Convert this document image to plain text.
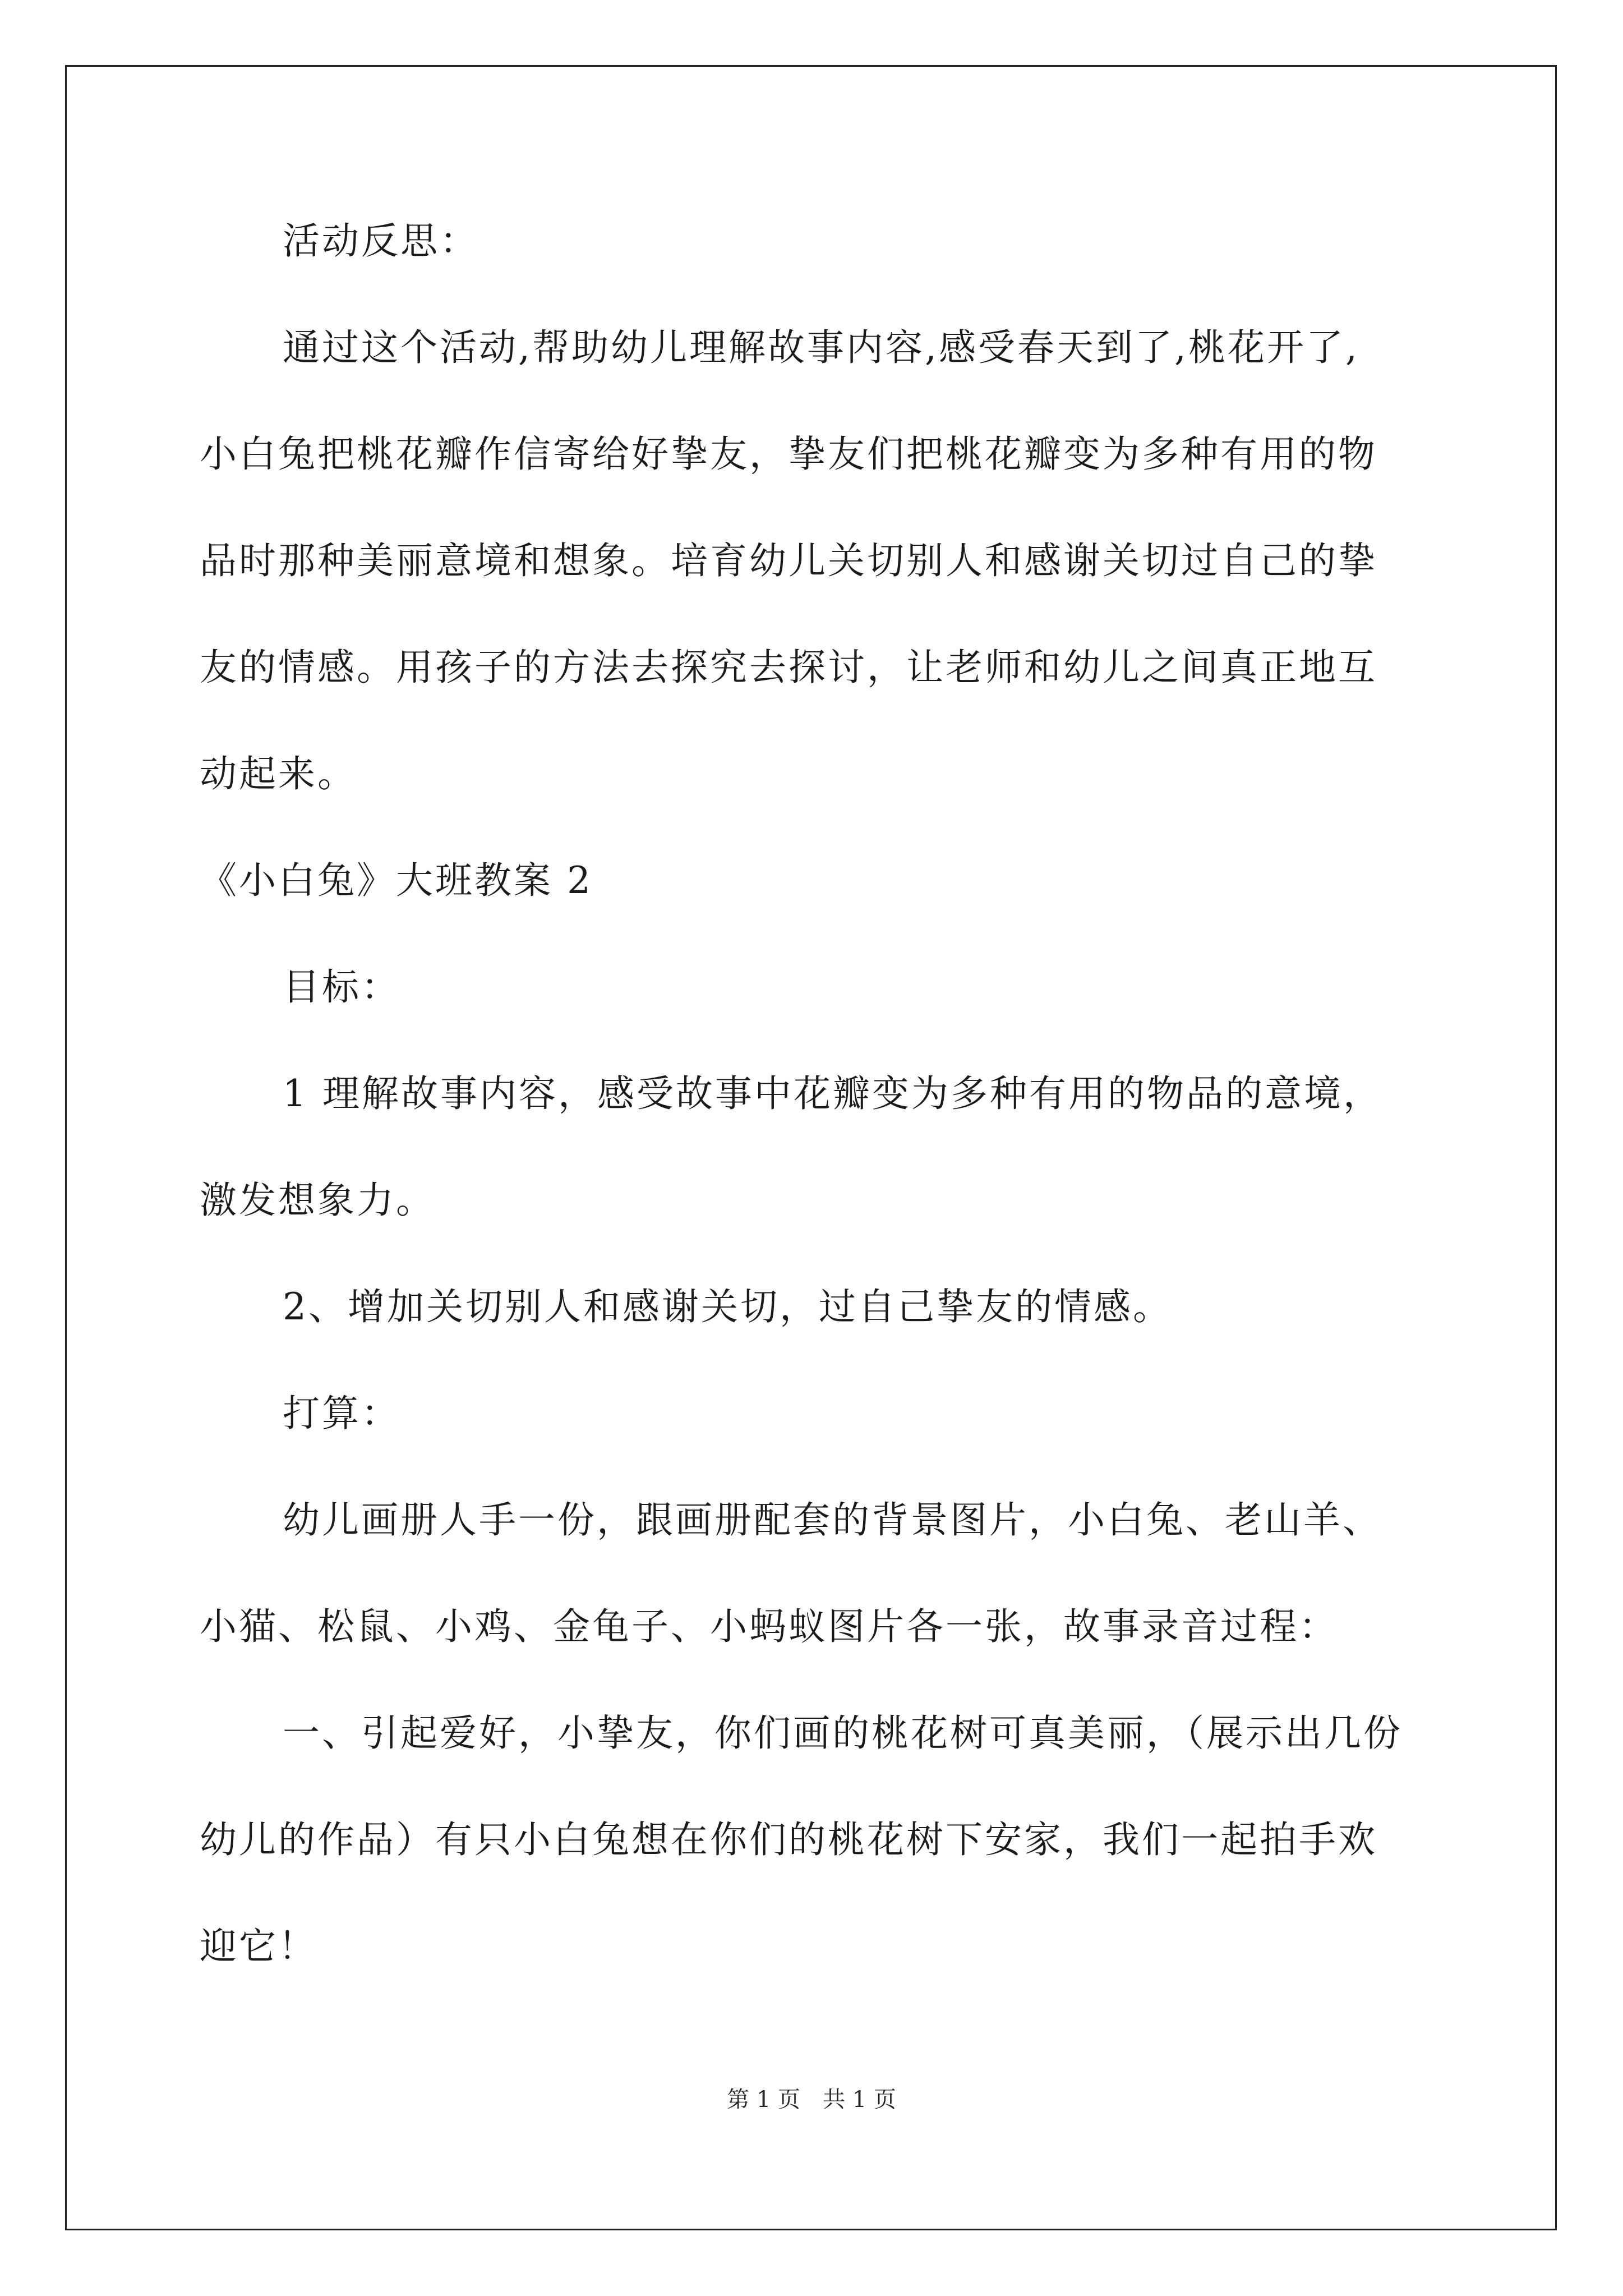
活动反思：
通过这个活动,帮助幼儿理解故事内容,感受春天到了,桃花开了,
小白兔把桃花瓣作信寄给好挚友，挚友们把桃花瓣变为多种有用的物
品时那种美丽意境和想象。培育幼儿关切别人和感谢关切过自己的挚
友的情感。用孩子的方法去探究去探讨，让老师和幼儿之间真正地互
动起来。
《小白兔》大班教案 2
目标：
1 理解故事内容，感受故事中花瓣变为多种有用的物品的意境，
激发想象力。
2、增加关切别人和感谢关切，过自己挚友的情感。
打算：
幼儿画册人手一份，跟画册配套的背景图片，小白兔、老山羊、
小猫、松鼠、小鸡、金龟子、小蚂蚁图片各一张，故事录音过程：
一、引起爱好，小挚友，你们画的桃花树可真美丽，（展示出几份
幼儿的作品）有只小白兔想在你们的桃花树下安家，我们一起拍手欢
迎它！
第 1 页　共 1 页
